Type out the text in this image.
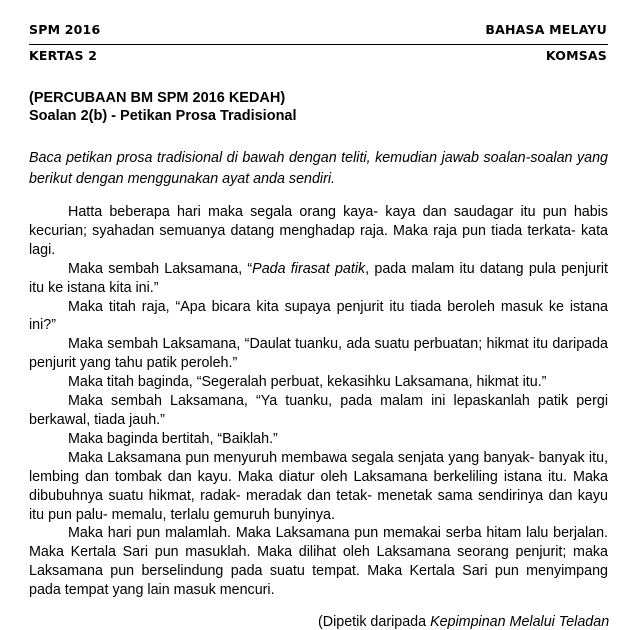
SPM 2016	BAHASA MELAYU
KERTAS 2	KOMSAS
(PERCUBAAN BM SPM 2016 KEDAH)
Soalan 2(b) - Petikan Prosa Tradisional
Baca petikan prosa tradisional di bawah dengan teliti, kemudian jawab soalan-soalan yang berikut dengan menggunakan ayat anda sendiri.

Hatta beberapa hari maka segala orang kaya- kaya dan saudagar itu pun habis kecurian; syahadan semuanya datang menghadap raja. Maka raja pun tiada terkata- kata lagi.

Maka sembah Laksamana, “Pada firasat patik, pada malam itu datang pula penjurit itu ke istana kita ini.”

Maka titah raja, “Apa bicara kita supaya penjurit itu tiada beroleh masuk ke istana ini?”

Maka sembah Laksamana, “Daulat tuanku, ada suatu perbuatan; hikmat itu daripada penjurit yang tahu patik peroleh.”

Maka titah baginda, “Segeralah perbuat, kekasihku Laksamana, hikmat itu.”

Maka sembah Laksamana, “Ya tuanku, pada malam ini lepaskanlah patik pergi berkawal, tiada jauh.”

Maka baginda bertitah, “Baiklah.”

Maka Laksamana pun menyuruh membawa segala senjata yang banyak- banyak itu, lembing dan tombak dan kayu. Maka diatur oleh Laksamana berkeliling istana itu. Maka dibubuhnya suatu hikmat, radak- meradak dan tetak- menetak sama sendirinya dan kayu itu pun palu- memalu, terlalu gemuruh bunyinya.

Maka hari pun malamlah. Maka Laksamana pun memakai serba hitam lalu berjalan. Maka Kertala Sari pun masuklah. Maka dilihat oleh Laksamana seorang penjurit; maka Laksamana pun berselindung pada suatu tempat. Maka Kertala Sari pun menyimpang pada tempat yang lain masuk mencuri.

(Dipetik daripada Kepimpinan Melalui Teladan
